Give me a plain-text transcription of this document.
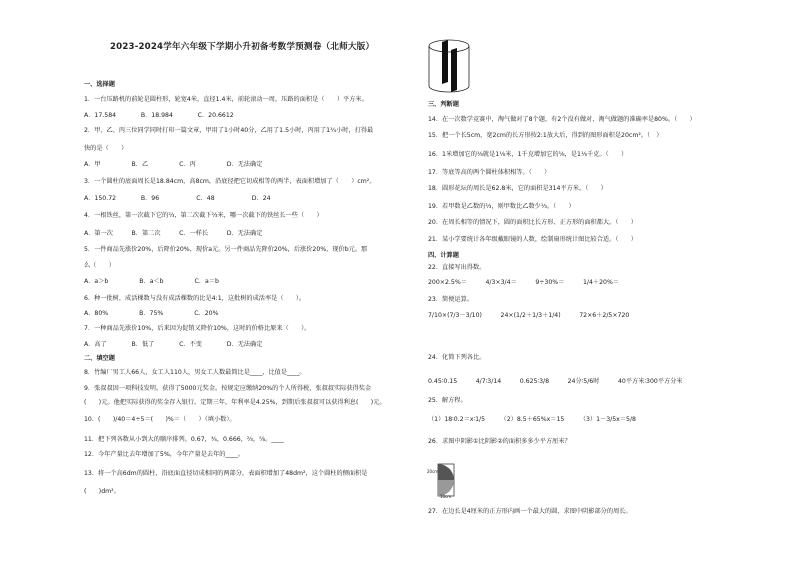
2023-2024学年六年级下学期小升初备考数学预测卷（北师大版）
一、选择题
1．一台压路机的前轮是圆柱形，轮宽4米，直径1.4米，前轮滚动一周，压路的面积是（　　）平方米。
A．17.584　　　　B．18.984　　　　C．20.6612
2．甲、乙、丙三位同学同时打印一篇文章，甲用了1小时40分，乙用了1.5小时，丙用了1¾小时，打得最
快的是（　　）
A．甲　　　　　B．乙　　　　　C．丙　　　　　D．无法确定
3．一个圆柱的底面周长是18.84cm，高8cm，沿底径把它切成相等的两半，表面积增加了（　　）cm²。
A．150.72　　　　B．96　　　　　　C．48　　　　　　D．24
4．一根铁丝，第一次截下它的⅔，第二次截下⅔米，哪一次截下的铁丝长一些（　　）
A．第一次　　　B．第二次　　　C．一样长　　　D．无法确定
5．一件商品先涨价20%，后降价20%，现价a元。另一件商品先降价20%，后涨价20%，现价b元。那
么（　　）
A．a＞b　　　　　B．a＜b　　　　　C．a＝b
6．种一批树，成活棵数与没有成活棵数的比是4:1，这批树的成活率是（　　）。
A．80%　　　　　B．75%　　　　　C．20%
7．一种商品先涨价10%，后来因为促销又降价10%，这时的价格比原来（　　）。
A．高了　　　　B．低了　　　　C．不变　　　　D．无法确定
二、填空题
8．竹编厂男工人66人，女工人110人，男女工人数最简比是____，比值是____。
9．张叔叔因一项科技发明，获得了5000元奖金。按规定应缴纳20%的个人所得税，张叔叔实际获得奖金
(　　)元。他把实际获得的奖金存入银行，定期三年，年利率是4.25%，到期后张叔叔可以获得利息(　　)元。
10．(　　)/40＝4÷5＝(　　)%＝（　　）（填小数）。
11．把下列各数从小到大的顺序排列。0.67，¾，0.666，⅔，⅝。____
12．今年产量比去年增加了5%，今年产量是去年的____。
13．将一个高6dm的圆柱，沿底面直径切成相同的两部分，表面积增加了48dm²，这个圆柱的侧面积是
(　　)dm²。
三、判断题
14．在一次数学竞赛中，淘气做对了8个题，有2个没有做对，淘气做题的准确率是80%。（　　）
15．把一个长5cm，宽2cm的长方形按2:1放大后，得到的图形面积是20cm²。（　）
16．1米增加它的⅛就是1⅛米，1千克增加它的⅛，是1⅛千克。（　　）
17．等底等高的两个圆柱体积相等。（　　）
18．圆形花坛的周长是62.8米，它的面积是314平方米。（　　）
19．若甲数是乙数的⅔，则甲数比乙数少⅓。（　　）
20．在周长相等的情况下，圆的面积比长方形、正方形的面积都大。（　　）
21．某小学要统计各年级戴眼镜的人数，绘制扇形统计图比较合适。（　　）
四、计算题
22．直接写出得数。
200×2.5%＝　　　4/3×3/4＝　　　9÷30%＝　　　1/4＋20%＝
23．简便运算。
7/10×(7/3－3/10)　　　24×(1/2＋1/3＋1/4)　　　72×6＋2/5×720
24．化简下列各比。
0.45∶0.15　　　4/7∶3/14　　　0.625∶3/8　　　24分∶5/6时　　　40平方米∶300平方分米
25．解方程。
（1）18∶0.2＝x∶1/5　　　（2）8.5＋65%x＝15　　　（3）1－3/5x＝5/8
26．求图中阴影①比阴影②的面积多多少平方厘米？
27．在边长是4厘米的正方形内画一个最大的圆，求图中阴影部分的周长。
20cm
10cm
